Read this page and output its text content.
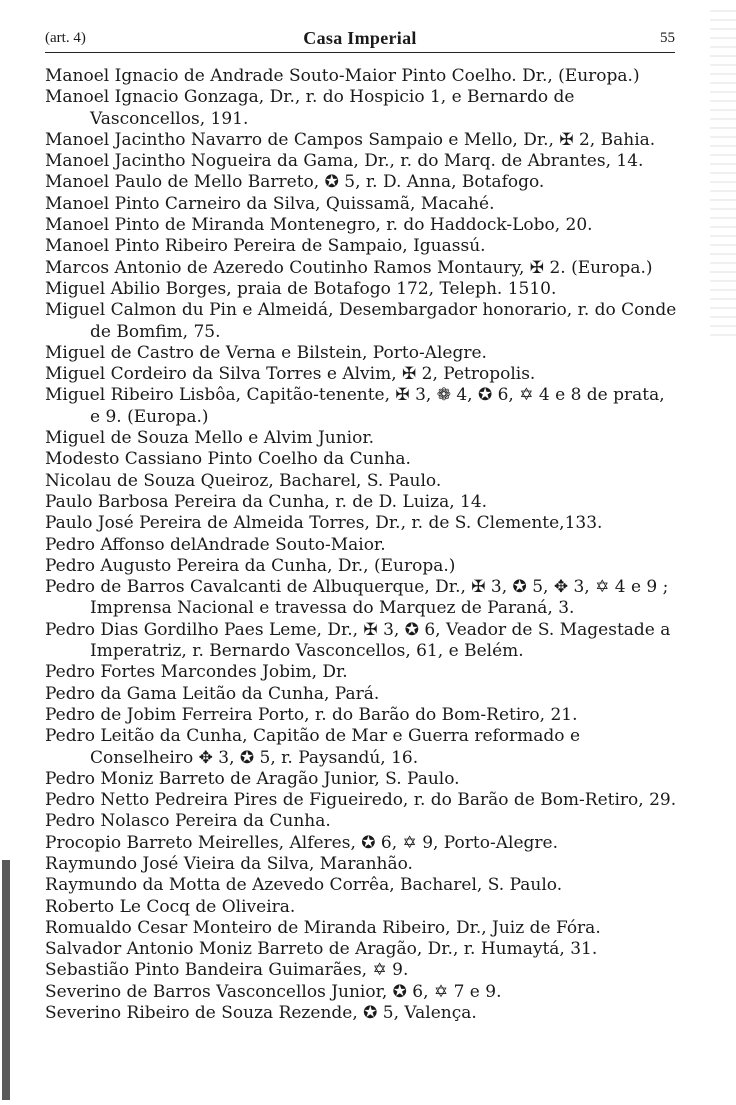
(art. 4)	Casa Imperial	55

Manoel Ignacio de Andrade Souto-Maior Pinto Coelho. Dr., (Europa.)

Manoel Ignacio Gonzaga, Dr., r. do Hospicio 1, e Bernardo de Vasconcellos, 191.

Manoel Jacintho Navarro de Campos Sampaio e Mello, Dr., ✠ 2, Bahia.

Manoel Jacintho Nogueira da Gama, Dr., r. do Marq. de Abrantes, 14.

Manoel Paulo de Mello Barreto, ✪ 5, r. D. Anna, Botafogo.

Manoel Pinto Carneiro da Silva, Quissamã, Macahé.

Manoel Pinto de Miranda Montenegro, r. do Haddock-Lobo, 20.

Manoel Pinto Ribeiro Pereira de Sampaio, Iguassú.

Marcos Antonio de Azeredo Coutinho Ramos Montaury, ✠ 2. (Europa.)

Miguel Abilio Borges, praia de Botafogo 172, Teleph. 1510.

Miguel Calmon du Pin e Almeidá, Desembargador honorario, r. do Conde de Bomfim, 75.

Miguel de Castro de Verna e Bilstein, Porto-Alegre.

Miguel Cordeiro da Silva Torres e Alvim, ✠ 2, Petropolis.

Miguel Ribeiro Lisbôa, Capitão-tenente, ✠ 3, ❁ 4, ✪ 6, ✡ 4 e 8 de prata, e 9. (Europa.)

Miguel de Souza Mello e Alvim Junior.

Modesto Cassiano Pinto Coelho da Cunha.

Nicolau de Souza Queiroz, Bacharel, S. Paulo.

Paulo Barbosa Pereira da Cunha, r. de D. Luiza, 14.

Paulo José Pereira de Almeida Torres, Dr., r. de S. Clemente,133.

Pedro Affonso delAndrade Souto-Maior.

Pedro Augusto Pereira da Cunha, Dr., (Europa.)

Pedro de Barros Cavalcanti de Albuquerque, Dr., ✠ 3, ✪ 5, ✥ 3, ✡ 4 e 9 ; Imprensa Nacional e travessa do Marquez de Paraná, 3.

Pedro Dias Gordilho Paes Leme, Dr., ✠ 3, ✪ 6, Veador de S. Magestade a Imperatriz, r. Bernardo Vasconcellos, 61, e Belém.

Pedro Fortes Marcondes Jobim, Dr.

Pedro da Gama Leitão da Cunha, Pará.

Pedro de Jobim Ferreira Porto, r. do Barão do Bom-Retiro, 21.

Pedro Leitão da Cunha, Capitão de Mar e Guerra reformado e Conselheiro ✥ 3, ✪ 5, r. Paysandú, 16.

Pedro Moniz Barreto de Aragão Junior, S. Paulo.

Pedro Netto Pedreira Pires de Figueiredo, r. do Barão de Bom-Retiro, 29.

Pedro Nolasco Pereira da Cunha.

Procopio Barreto Meirelles, Alferes, ✪ 6, ✡ 9, Porto-Alegre.

Raymundo José Vieira da Silva, Maranhão.

Raymundo da Motta de Azevedo Corrêa, Bacharel, S. Paulo.

Roberto Le Cocq de Oliveira.

Romualdo Cesar Monteiro de Miranda Ribeiro, Dr., Juiz de Fóra.

Salvador Antonio Moniz Barreto de Aragão, Dr., r. Humaytá, 31.

Sebastião Pinto Bandeira Guimarães, ✡ 9.

Severino de Barros Vasconcellos Junior, ✪ 6, ✡ 7 e 9.

Severino Ribeiro de Souza Rezende, ✪ 5, Valença.
